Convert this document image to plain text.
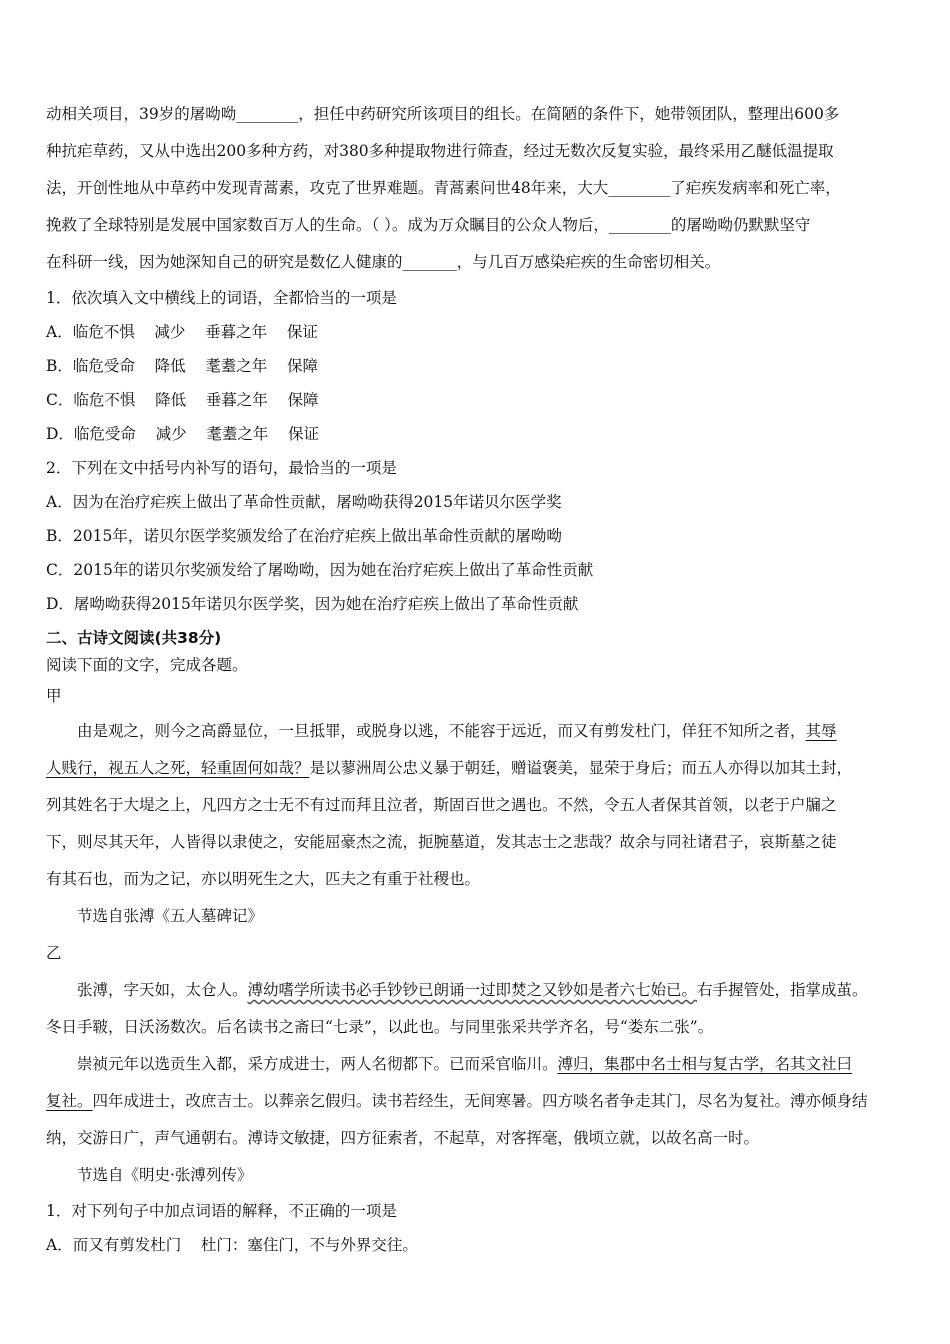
动相关项目，39岁的屠呦呦________，担任中药研究所该项目的组长。在简陋的条件下，她带领团队，整理出600多

种抗疟草药，又从中选出200多种方药，对380多种提取物进行筛查，经过无数次反复实验，最终采用乙醚低温提取

法，开创性地从中草药中发现青蒿素，攻克了世界难题。青蒿素问世48年来，大大________了疟疾发病率和死亡率，

挽救了全球特别是发展中国家数百万人的生命。（ ）。成为万众瞩目的公众人物后，________的屠呦呦仍默默坚守

在科研一线，因为她深知自己的研究是数亿人健康的_______，与几百万感染疟疾的生命密切相关。

1．依次填入文中横线上的词语，全都恰当的一项是

A．临危不惧    减少    垂暮之年    保证

B．临危受命    降低    耄耋之年    保障

C．临危不惧    降低    垂暮之年    保障

D．临危受命    减少    耄耋之年    保证

2．下列在文中括号内补写的语句，最恰当的一项是

A．因为在治疗疟疾上做出了革命性贡献，屠呦呦获得2015年诺贝尔医学奖

B．2015年，诺贝尔医学奖颁发给了在治疗疟疾上做出革命性贡献的屠呦呦

C．2015年的诺贝尔奖颁发给了屠呦呦，因为她在治疗疟疾上做出了革命性贡献

D．屠呦呦获得2015年诺贝尔医学奖，因为她在治疗疟疾上做出了革命性贡献

二、古诗文阅读(共38分)

阅读下面的文字，完成各题。

甲

由是观之，则今之高爵显位，一旦抵罪，或脱身以逃，不能容于远近，而又有剪发杜门，佯狂不知所之者，其辱

人贱行，视五人之死，轻重固何如哉？是以蓼洲周公忠义暴于朝廷，赠谥褒美，显荣于身后；而五人亦得以加其土封，

列其姓名于大堤之上，凡四方之士无不有过而拜且泣者，斯固百世之遇也。不然，令五人者保其首领，以老于户牖之

下，则尽其天年，人皆得以隶使之，安能屈豪杰之流，扼腕墓道，发其志士之悲哉？故余与同社诸君子，哀斯墓之徒

有其石也，而为之记，亦以明死生之大，匹夫之有重于社稷也。

节选自张溥《五人墓碑记》

乙

张溥，字天如，太仓人。溥幼嗜学所读书必手钞钞已朗诵一过即焚之又钞如是者六七始已。右手握管处，指掌成茧。

冬日手皲，日沃汤数次。后名读书之斋曰“七录”，以此也。与同里张采共学齐名，号“娄东二张”。

崇祯元年以选贡生入都，采方成进士，两人名彻都下。已而采官临川。溥归，集郡中名士相与复古学，名其文社曰

复社。四年成进士，改庶吉士。以葬亲乞假归。读书若经生，无间寒暑。四方啖名者争走其门，尽名为复社。溥亦倾身结

纳，交游日广，声气通朝右。溥诗文敏捷，四方征索者，不起草，对客挥毫，俄顷立就，以故名高一时。

节选自《明史·张溥列传》

1．对下列句子中加点词语的解释，不正确的一项是

A．而又有剪发杜门    杜门：塞住门，不与外界交往。
